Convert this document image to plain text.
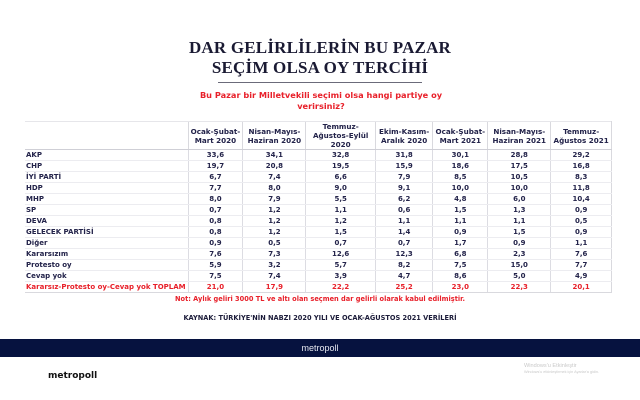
DAR GELİRLİLERİN BU PAZAR
SEÇİM OLSA OY TERCİHİ
Bu Pazar bir Milletvekili seçimi olsa hangi partiye oy verirsiniz?
	Ocak-Şubat-Mart 2020	Nisan-Mayıs-Haziran 2020	Temmuz-Ağustos-Eylül 2020	Ekim-Kasım-Aralık 2020	Ocak-Şubat-Mart 2021	Nisan-Mayıs-Haziran 2021	Temmuz-Ağustos 2021
AKP	33,6	34,1	32,8	31,8	30,1	28,8	29,2
CHP	19,7	20,8	19,5	15,9	18,6	17,5	16,8
İYİ PARTİ	6,7	7,4	6,6	7,9	8,5	10,5	8,3
HDP	7,7	8,0	9,0	9,1	10,0	10,0	11,8
MHP	8,0	7,9	5,5	6,2	4,8	6,0	10,4
SP	0,7	1,2	1,1	0,6	1,5	1,3	0,9
DEVA	0,8	1,2	1,2	1,1	1,1	1,1	0,5
GELECEK PARTİSİ	0,8	1,2	1,5	1,4	0,9	1,5	0,9
Diğer	0,9	0,5	0,7	0,7	1,7	0,9	1,1
Kararsızım	7,6	7,3	12,6	12,3	6,8	2,3	7,6
Protesto oy	5,9	3,2	5,7	8,2	7,5	15,0	7,7
Cevap yok	7,5	7,4	3,9	4,7	8,6	5,0	4,9
Kararsız-Protesto oy-Cevap yok TOPLAM	21,0	17,9	22,2	25,2	23,0	22,3	20,1
Not: Aylık geliri 3000 TL ve altı olan seçmen dar gelirli olarak kabul edilmiştir.
KAYNAK: TÜRKİYE'NİN NABZI 2020 YILI VE OCAK-AĞUSTOS 2021 VERİLERİ
metropoll
metropoll
Windows'u Etkinleştir
Windows'u etkinleştirmek için Ayarlar'a gidin.
